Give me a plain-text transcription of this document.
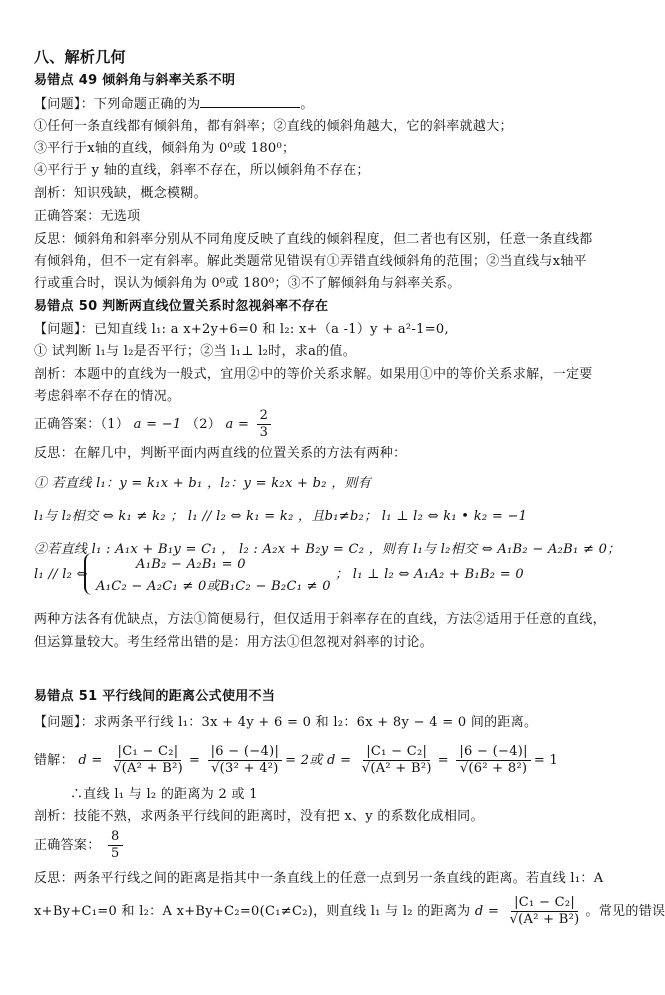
八、解析几何
易错点 49 倾斜角与斜率关系不明
【问题】：下列命题正确的为	。
①任何一条直线都有倾斜角，都有斜率；②直线的倾斜角越大，它的斜率就越大；
③平行于x轴的直线，倾斜角为 0⁰或 180⁰；
④平行于 y 轴的直线，斜率不存在，所以倾斜角不存在；
剖析：知识残缺，概念模糊。
正确答案：无选项
反思：倾斜角和斜率分别从不同角度反映了直线的倾斜程度，但二者也有区别，任意一条直线都
有倾斜角，但不一定有斜率。解此类题常见错误有①弄错直线倾斜角的范围；②当直线与x轴平
行或重合时，误认为倾斜角为 0⁰或 180⁰；③不了解倾斜角与斜率关系。
易错点 50 判断两直线位置关系时忽视斜率不存在
【问题】：已知直线 l₁: a x+2y+6=0 和 l₂: x+（a -1）y + a²-1=0,
① 试判断 l₁与 l₂是否平行；②当 l₁⊥ l₂时，求a的值。
剖析：本题中的直线为一般式，宜用②中的等价关系求解。如果用①中的等价关系求解，一定要
考虑斜率不存在的情况。
正确答案：（1） a = −1 （2） $a = \frac{2}{3}$
反思：在解几中，判断平面内两直线的位置关系的方法有两种：
① 若直线 l₁：y = k₁x + b₁ ，l₂：y = k₂x + b₂ ，则有
l₁与 l₂相交 ⇔ k₁ ≠ k₂ ； l₁ // l₂ ⇔ k₁ = k₂ ，且b₁≠b₂； l₁ ⊥ l₂ ⇔ k₁ • k₂ = −1
②若直线 l₁ : A₁x + B₁y = C₁ ， l₂ : A₂x + B₂y = C₂ ，则有 l₁与 l₂相交 ⇔ A₁B₂ − A₂B₁ ≠ 0；
l₁ // l₂ ⇔
A₁B₂ − A₂B₁ = 0
A₁C₂ − A₂C₁ ≠ 0或B₁C₂ − B₂C₁ ≠ 0
； l₁ ⊥ l₂ ⇔ A₁A₂ + B₁B₂ = 0
两种方法各有优缺点，方法①简便易行，但仅适用于斜率存在的直线，方法②适用于任意的直线，
但运算量较大。考生经常出错的是：用方法①但忽视对斜率的讨论。
易错点 51 平行线间的距离公式使用不当
【问题】：求两条平行线 l₁：3x + 4y + 6 = 0 和 l₂：6x + 8y − 4 = 0 间的距离。
错解： $d = \frac{\text{|C₁ − C₂|}}{\text{√(A² + B²)}} = \frac{|6 - (-4)|}{\text{√(3² + 4²)}} = 2$或 $d = \frac{\text{|C₁ − C₂|}}{\text{√(A² + B²)}} = \frac{|6 - (-4)|}{\text{√(6² + 8²)}} = 1$
∴直线 l₁ 与 l₂ 的距离为 2 或 1
剖析：技能不熟，求两条平行线间的距离时，没有把 x、y 的系数化成相同。
正确答案： $\frac{8}{5}$
反思：两条平行线之间的距离是指其中一条直线上的任意一点到另一条直线的距离。若直线 l₁：A
x+By+C₁=0 和 l₂：A x+By+C₂=0(C₁≠C₂)，则直线 l₁ 与 l₂ 的距离为 $d = \frac{\text{|C₁ − C₂|}}{\text{√(A² + B²)}}$ 。常见的错误
